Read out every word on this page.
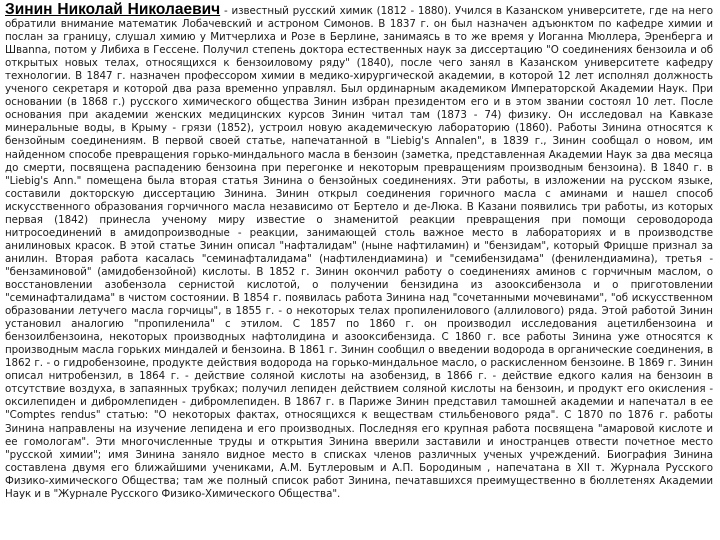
Зинин Николай Николаевич - известный русский химик (1812 - 1880). Учился в Казанском университете, где на него обратили внимание математик Лобачевский и астроном Симонов. В 1837 г. он был назначен адъюнктом по кафедре химии и послан за границу, слушал химию у Митчерлиха и Розе в Берлине, занимаясь в то же время у Иоганна Мюллера, Эренберга и Швanna, потом у Либиха в Гессене. Получил степень доктора естественных наук за диссертацию "О соединениях бензоила и об открытых новых телах, относящихся к бензоиловому ряду" (1840), после чего занял в Казанском университете кафедру технологии. В 1847 г. назначен профессором химии в медико-хирургической академии, в которой 12 лет исполнял должность ученого секретаря и которой два раза временно управлял. Был ординарным академиком Императорской Академии Наук. При основании (в 1868 г.) русского химического общества Зинин избран президентом его и в этом звании состоял 10 лет. После основания при академии женских медицинских курсов Зинин читал там (1873 - 74) физику. Он исследовал на Кавказе минеральные воды, в Крыму - грязи (1852), устроил новую академическую лабораторию (1860). Работы Зинина относятся к бензойным соединениям. В первой своей статье, напечатанной в "Liebig's Annalen", в 1839 г., Зинин сообщал о новом, им найденном способе превращения горько-миндального масла в бензоин (заметка, представленная Академии Наук за два месяца до смерти, посвящена распадению бензоина при перегонке и некоторым превращениям производным бензоина). В 1840 г. в "Liebig's Ann." помещена была вторая статья Зинина о бензойных соединениях. Эти работы, в изложении на русском языке, составили докторскую диссертацию Зинина. Зинин открыл соединения горичного масла с аминами и нашел способ искусственного образования горчичного масла независимо от Бертело и де-Люка. В Казани появились три работы, из которых первая (1842) принесла ученому миру известие о знаменитой реакции превращения при помощи сероводорода нитросоединений в амидопроизводные - реакции, занимающей столь важное место в лабораториях и в производстве анилиновых красок. В этой статье Зинин описал "нафталидам" (ныне нафтиламин) и "бензидам", который Фрицше признал за анилин. Вторая работа касалась "семинафталидама" (нафтилендиамина) и "семибензидама" (фенилендиамина), третья - "бензаминовой" (амидобензойной) кислоты. В 1852 г. Зинин окончил работу о соединениях аминов с горчичным маслом, о восстановлении азобензола сернистой кислотой, о получении бензидина из азооксибензола и о приготовлении "семинафталидама" в чистом состоянии. В 1854 г. появилась работа Зинина над "сочетанными мочевинами", "об искусственном образовании летучего масла горчицы", в 1855 г. - о некоторых телах пропиленилового (аллилового) ряда. Этой работой Зинин установил аналогию "пропиленила" с этилом. С 1857 по 1860 г. он производил исследования ацетилбензоина и бензоилбензоина, некоторых производных нафтолидина и азооксибензида. С 1860 г. все работы Зинина уже относятся к производным масла горьких миндалей и бензоина. В 1861 г. Зинин сообщил о введении водорода в органические соединения, в 1862 г. - о гидробензоине, продукте действия водорода на горько-миндальное масло, о раскисленном бензоине. В 1869 г. Зинин описал нитробензил, в 1864 г. - действие соляной кислоты на азобензид, в 1866 г. - действие едкого калия на бензоин в отсутствие воздуха, в запаянных трубках; получил лепиден действием соляной кислоты на бензоин, и продукт его окисления - оксилепиден и дибромлепиден - дибромлепиден. В 1867 г. в Париже Зинин представил тамошней академии и напечатал в ее "Comptes rendus" статью: "О некоторых фактах, относящихся к веществам стильбенового ряда". С 1870 по 1876 г. работы Зинина направлены на изучение лепидена и его производных. Последняя его крупная работа посвящена "амаровой кислоте и ее гомологам". Эти многочисленные труды и открытия Зинина вверили заставили и иностранцев отвести почетное место "русской химии"; имя Зинина заняло видное место в списках членов различных ученых учреждений. Биография Зинина составлена двумя его ближайшими учениками, А.М. Бутлеровым и А.П. Бородиным , напечатана в XII т. Журнала Русского Физико-химического Общества; там же полный список работ Зинина, печатавшихся преимущественно в бюллетенях Академии Наук и в "Журнале Русского Физико-Химического Общества".
